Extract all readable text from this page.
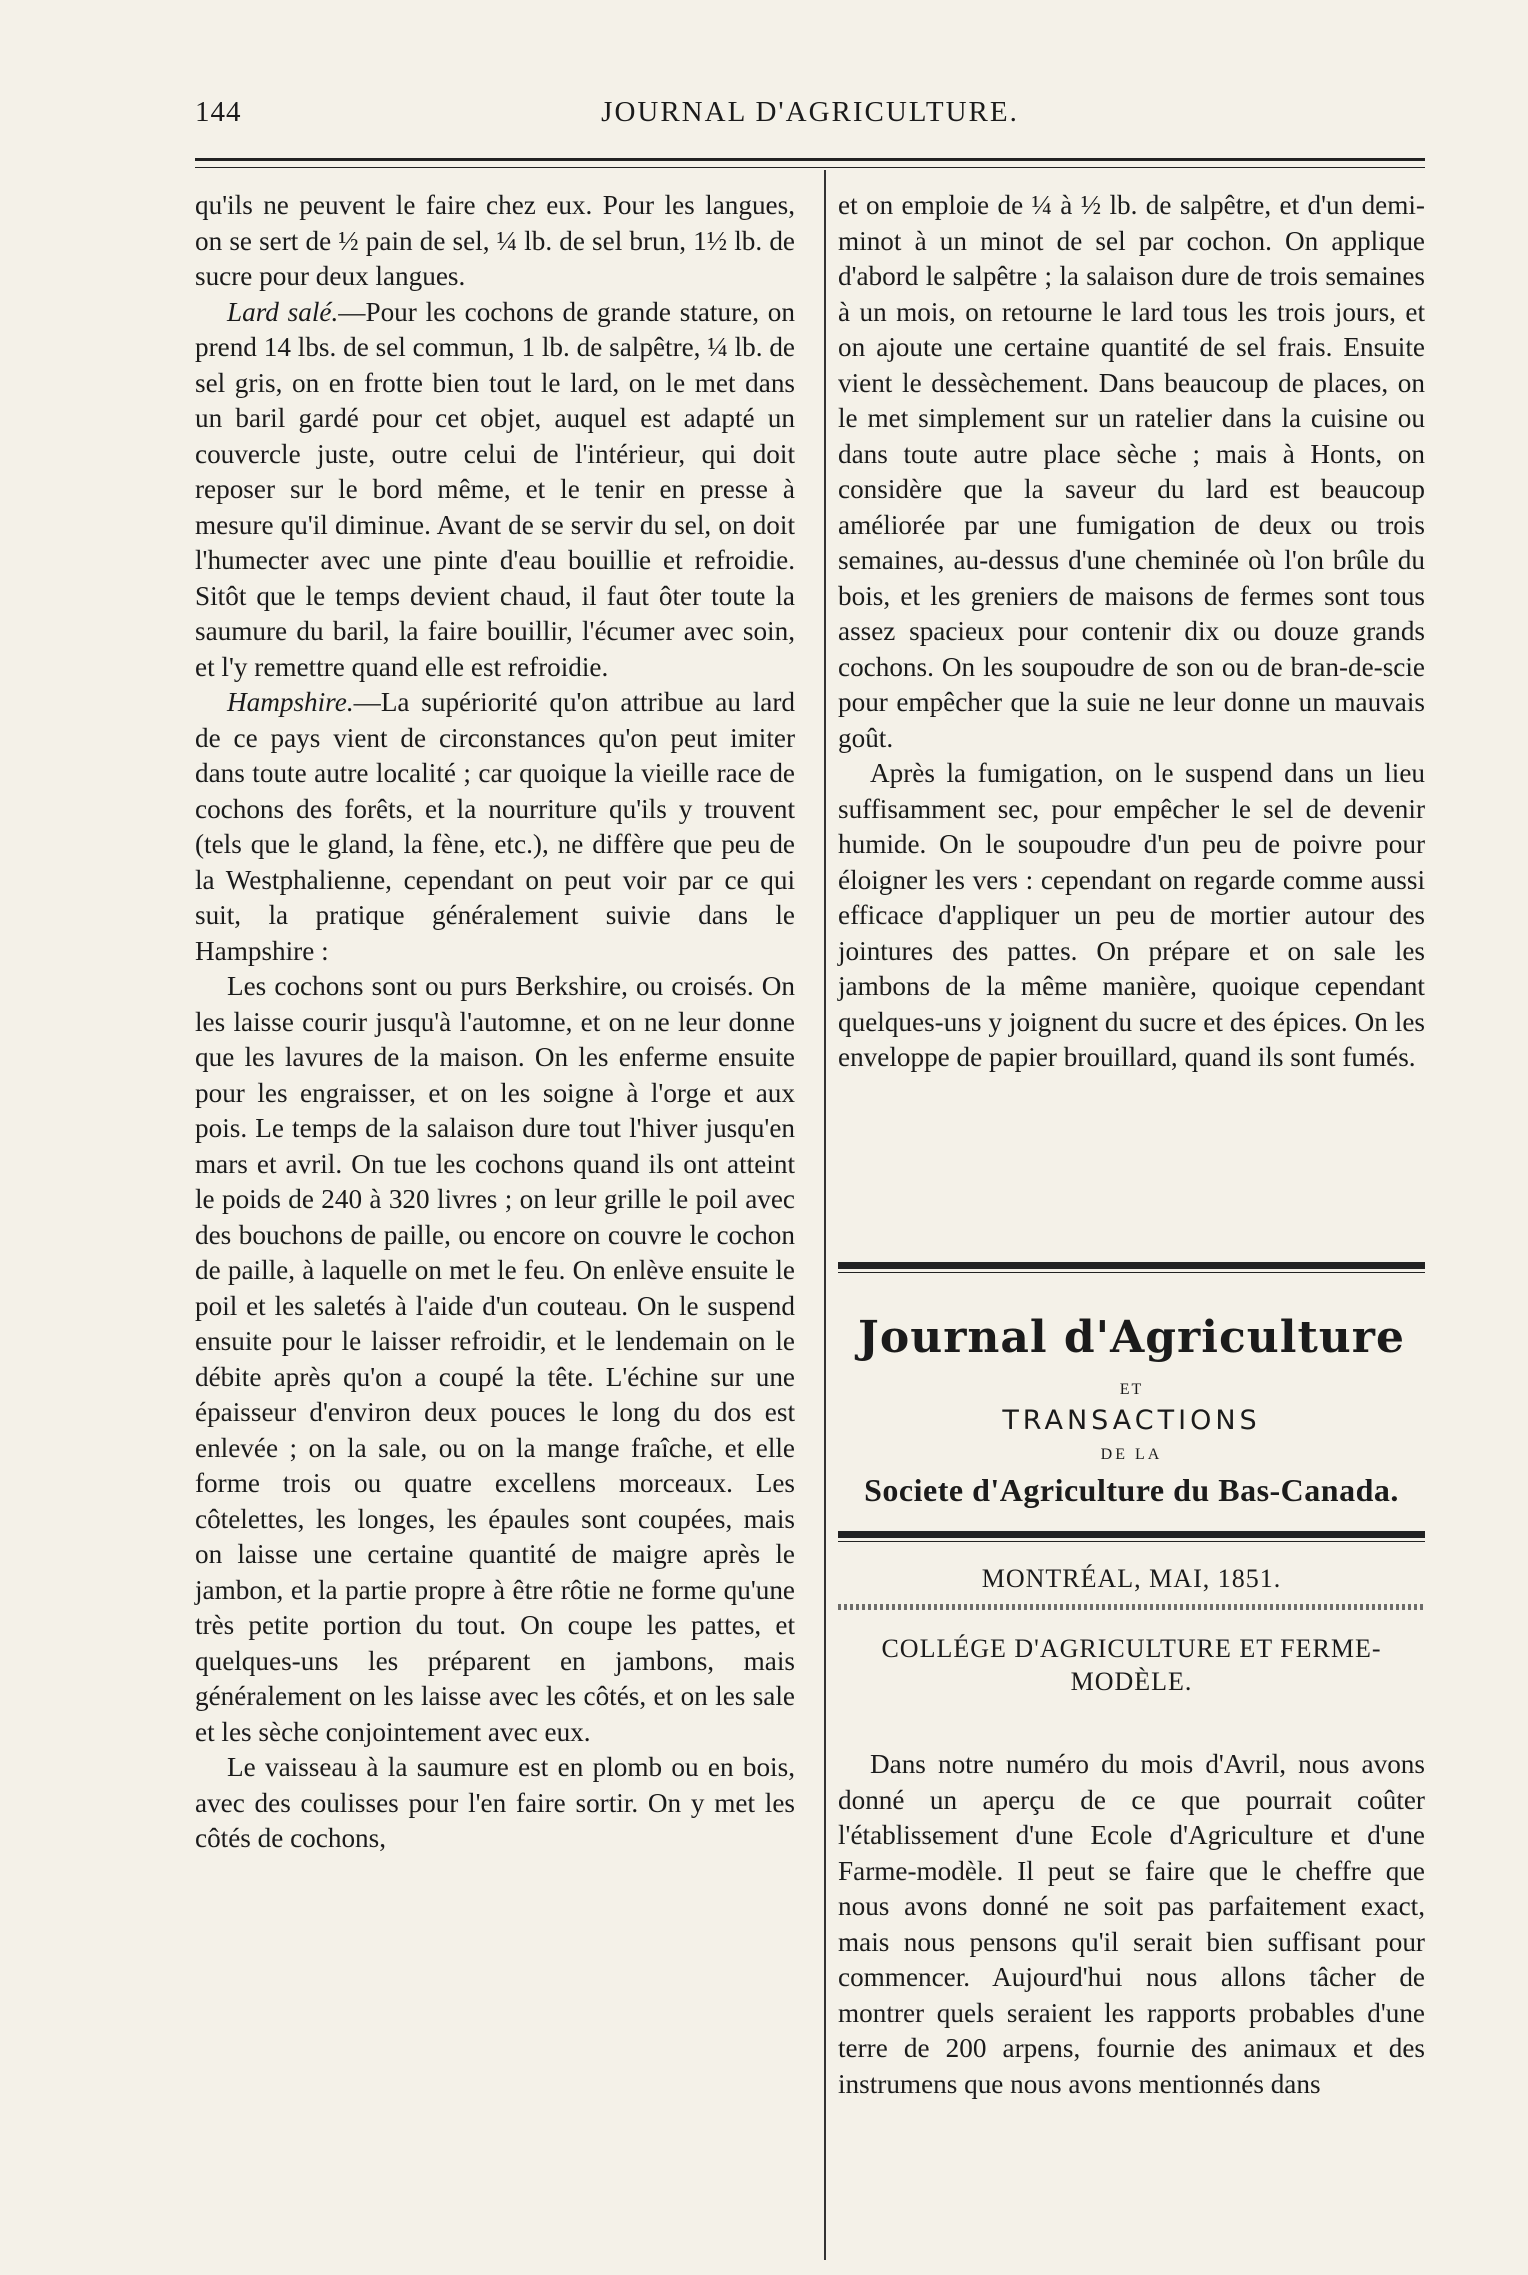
144	JOURNAL D'AGRICULTURE.

qu'ils ne peuvent le faire chez eux. Pour les langues, on se sert de ½ pain de sel, ¼ lb. de sel brun, 1½ lb. de sucre pour deux langues.

Lard salé.—Pour les cochons de grande stature, on prend 14 lbs. de sel commun, 1 lb. de salpêtre, ¼ lb. de sel gris, on en frotte bien tout le lard, on le met dans un baril gardé pour cet objet, auquel est adapté un couvercle juste, outre celui de l'intérieur, qui doit reposer sur le bord même, et le tenir en presse à mesure qu'il diminue. Avant de se servir du sel, on doit l'humecter avec une pinte d'eau bouillie et refroidie. Sitôt que le temps devient chaud, il faut ôter toute la saumure du baril, la faire bouillir, l'écumer avec soin, et l'y remettre quand elle est refroidie.

Hampshire.—La supériorité qu'on attribue au lard de ce pays vient de circonstances qu'on peut imiter dans toute autre localité ; car quoique la vieille race de cochons des forêts, et la nourriture qu'ils y trouvent (tels que le gland, la fène, etc.), ne diffère que peu de la Westphalienne, cependant on peut voir par ce qui suit, la pratique généralement suivie dans le Hampshire :

Les cochons sont ou purs Berkshire, ou croisés. On les laisse courir jusqu'à l'automne, et on ne leur donne que les lavures de la maison. On les enferme ensuite pour les engraisser, et on les soigne à l'orge et aux pois. Le temps de la salaison dure tout l'hiver jusqu'en mars et avril. On tue les cochons quand ils ont atteint le poids de 240 à 320 livres ; on leur grille le poil avec des bouchons de paille, ou encore on couvre le cochon de paille, à laquelle on met le feu. On enlève ensuite le poil et les saletés à l'aide d'un couteau. On le suspend ensuite pour le laisser refroidir, et le lendemain on le débite après qu'on a coupé la tête. L'échine sur une épaisseur d'environ deux pouces le long du dos est enlevée ; on la sale, ou on la mange fraîche, et elle forme trois ou quatre excellens morceaux. Les côtelettes, les longes, les épaules sont coupées, mais on laisse une certaine quantité de maigre après le jambon, et la partie propre à être rôtie ne forme qu'une très petite portion du tout. On coupe les pattes, et quelques-uns les préparent en jambons, mais généralement on les laisse avec les côtés, et on les sale et les sèche conjointement avec eux.

Le vaisseau à la saumure est en plomb ou en bois, avec des coulisses pour l'en faire sortir. On y met les côtés de cochons,

et on emploie de ¼ à ½ lb. de salpêtre, et d'un demi-minot à un minot de sel par cochon. On applique d'abord le salpêtre ; la salaison dure de trois semaines à un mois, on retourne le lard tous les trois jours, et on ajoute une certaine quantité de sel frais. Ensuite vient le dessèchement. Dans beaucoup de places, on le met simplement sur un ratelier dans la cuisine ou dans toute autre place sèche ; mais à Honts, on considère que la saveur du lard est beaucoup améliorée par une fumigation de deux ou trois semaines, au-dessus d'une cheminée où l'on brûle du bois, et les greniers de maisons de fermes sont tous assez spacieux pour contenir dix ou douze grands cochons. On les soupoudre de son ou de bran-de-scie pour empêcher que la suie ne leur donne un mauvais goût.

Après la fumigation, on le suspend dans un lieu suffisamment sec, pour empêcher le sel de devenir humide. On le soupoudre d'un peu de poivre pour éloigner les vers : cependant on regarde comme aussi efficace d'appliquer un peu de mortier autour des jointures des pattes. On prépare et on sale les jambons de la même manière, quoique cependant quelques-uns y joignent du sucre et des épices. On les enveloppe de papier brouillard, quand ils sont fumés.

Journal d'Agriculture
ET
TRANSACTIONS
DE LA
Societe d'Agriculture du Bas-Canada.
MONTRÉAL, MAI, 1851.
COLLÉGE D'AGRICULTURE ET FERME-MODÈLE.

Dans notre numéro du mois d'Avril, nous avons donné un aperçu de ce que pourrait coûter l'établissement d'une Ecole d'Agriculture et d'une Farme-modèle. Il peut se faire que le cheffre que nous avons donné ne soit pas parfaitement exact, mais nous pensons qu'il serait bien suffisant pour commencer. Aujourd'hui nous allons tâcher de montrer quels seraient les rapports probables d'une terre de 200 arpens, fournie des animaux et des instrumens que nous avons mentionnés dans
